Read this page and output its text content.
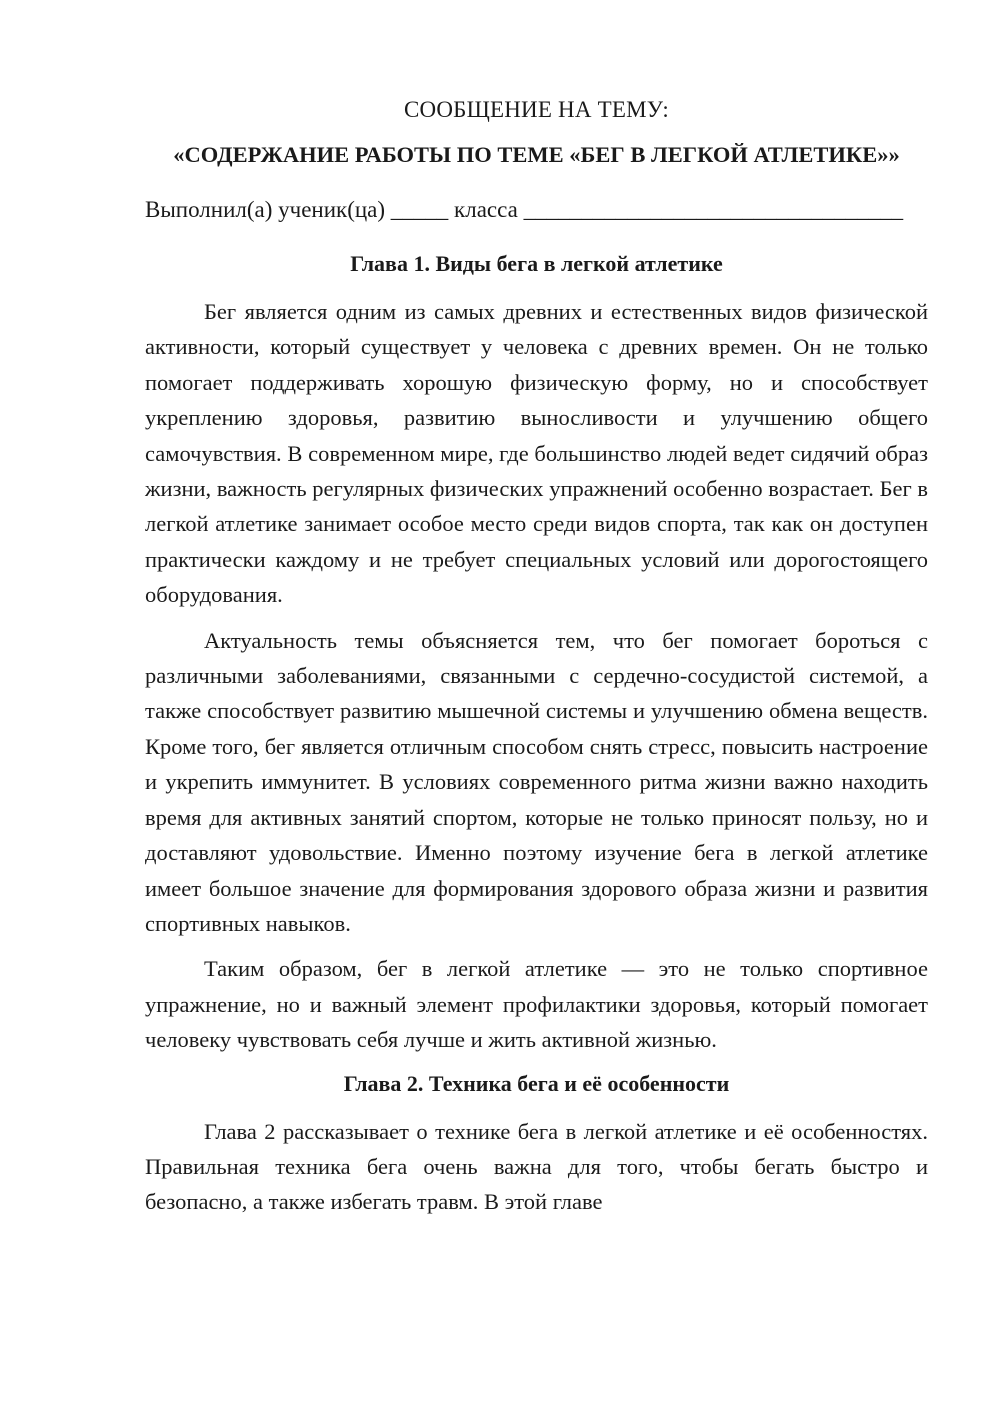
СООБЩЕНИЕ НА ТЕМУ:
«СОДЕРЖАНИЕ РАБОТЫ ПО ТЕМЕ «БЕГ В ЛЕГКОЙ АТЛЕТИКЕ»»

Выполнил(а) ученик(ца) _____ класса _________________________________

Глава 1. Виды бега в легкой атлетике

Бег является одним из самых древних и естественных видов физической активности, который существует у человека с древних времен. Он не только помогает поддерживать хорошую физическую форму, но и способствует укреплению здоровья, развитию выносливости и улучшению общего самочувствия. В современном мире, где большинство людей ведет сидячий образ жизни, важность регулярных физических упражнений особенно возрастает. Бег в легкой атлетике занимает особое место среди видов спорта, так как он доступен практически каждому и не требует специальных условий или дорогостоящего оборудования.

Актуальность темы объясняется тем, что бег помогает бороться с различными заболеваниями, связанными с сердечно-сосудистой системой, а также способствует развитию мышечной системы и улучшению обмена веществ. Кроме того, бег является отличным способом снять стресс, повысить настроение и укрепить иммунитет. В условиях современного ритма жизни важно находить время для активных занятий спортом, которые не только приносят пользу, но и доставляют удовольствие. Именно поэтому изучение бега в легкой атлетике имеет большое значение для формирования здорового образа жизни и развития спортивных навыков.

Таким образом, бег в легкой атлетике — это не только спортивное упражнение, но и важный элемент профилактики здоровья, который помогает человеку чувствовать себя лучше и жить активной жизнью.

Глава 2. Техника бега и её особенности

Глава 2 рассказывает о технике бега в легкой атлетике и её особенностях. Правильная техника бега очень важна для того, чтобы бегать быстро и безопасно, а также избегать травм. В этой главе
